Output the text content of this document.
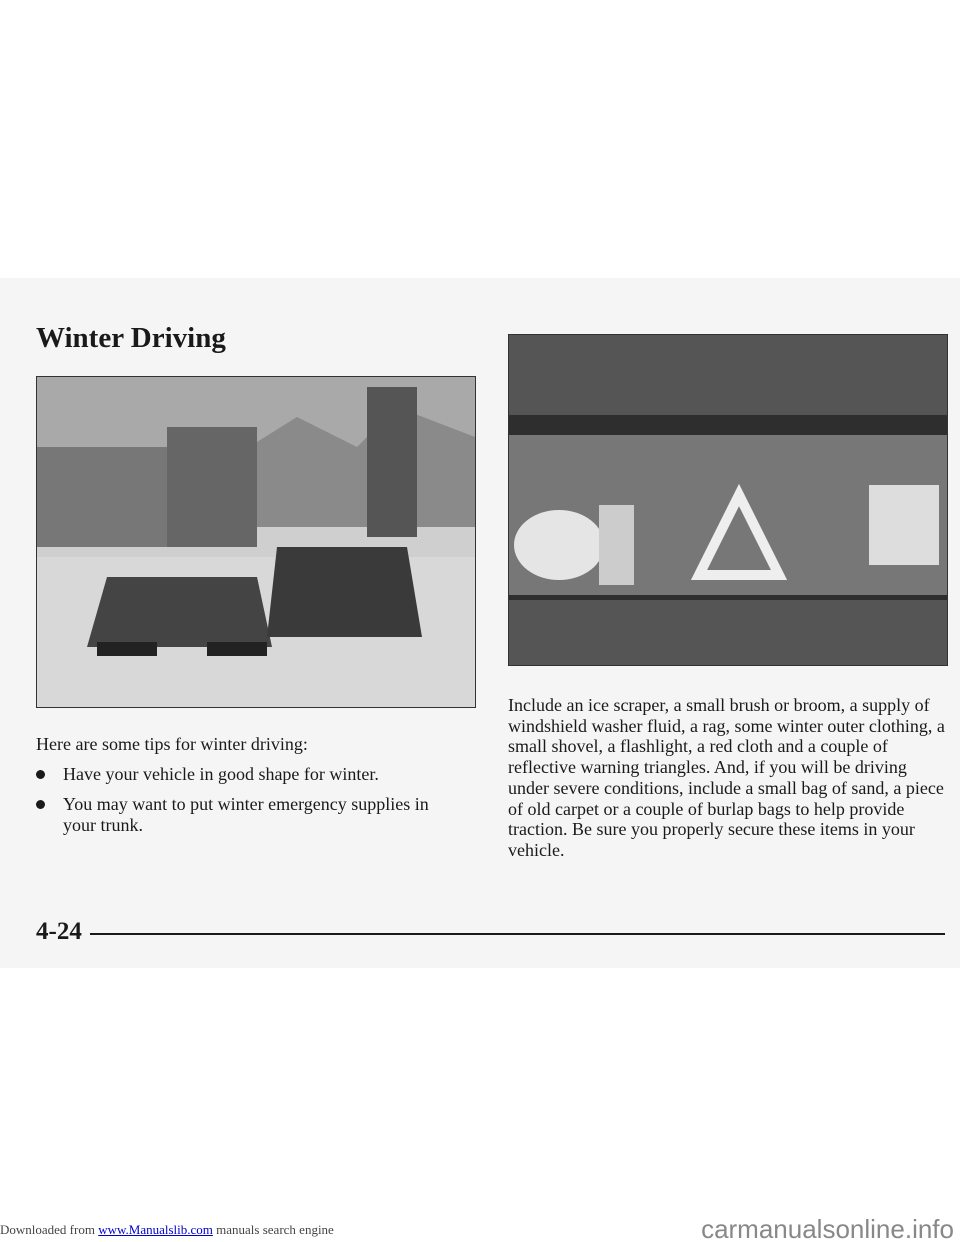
Winter Driving
Here are some tips for winter driving:
Have your vehicle in good shape for winter.
You may want to put winter emergency supplies in your trunk.

Include an ice scraper, a small brush or broom, a supply of windshield washer fluid, a rag, some winter outer clothing, a small shovel, a flashlight, a red cloth and a couple of reflective warning triangles. And, if you will be driving under severe conditions, include a small bag of sand, a piece of old carpet or a couple of burlap bags to help provide traction. Be sure you properly secure these items in your vehicle.

4-24
Downloaded from www.Manualslib.com manuals search engine	carmanualsonline.info
